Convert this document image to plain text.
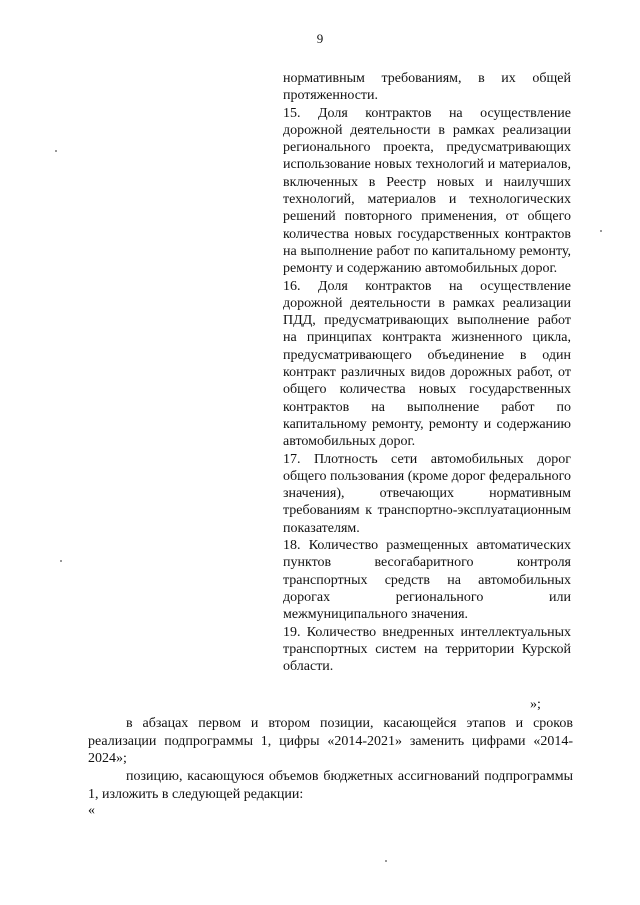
9

нормативным требованиям, в их общей протяженности.

15. Доля контрактов на осуществление дорожной деятельности в рамках реализации регионального проекта, предусматривающих использование новых технологий и материалов, включенных в Реестр новых и наилучших технологий, материалов и технологических решений повторного применения, от общего количества новых государственных контрактов на выполнение работ по капитальному ремонту, ремонту и содержанию автомобильных дорог.

16. Доля контрактов на осуществление дорожной деятельности в рамках реализации ПДД, предусматривающих выполнение работ на принципах контракта жизненного цикла, предусматривающего объединение в один контракт различных видов дорожных работ, от общего количества новых государственных контрактов на выполнение работ по капитальному ремонту, ремонту и содержанию автомобильных дорог.

17. Плотность сети автомобильных дорог общего пользования (кроме дорог федерального значения), отвечающих нормативным требованиям к транспортно-эксплуатационным показателям.

18. Количество размещенных автоматических пунктов весогабаритного контроля транспортных средств на автомобильных дорогах регионального или межмуниципального значения.

19. Количество внедренных интеллектуальных транспортных систем на территории Курской области.

»;
в абзацах первом и втором позиции, касающейся этапов и сроков реализации подпрограммы 1, цифры «2014-2021» заменить цифрами «2014-2024»;
позицию, касающуюся объемов бюджетных ассигнований подпрограммы 1, изложить в следующей редакции:
«
